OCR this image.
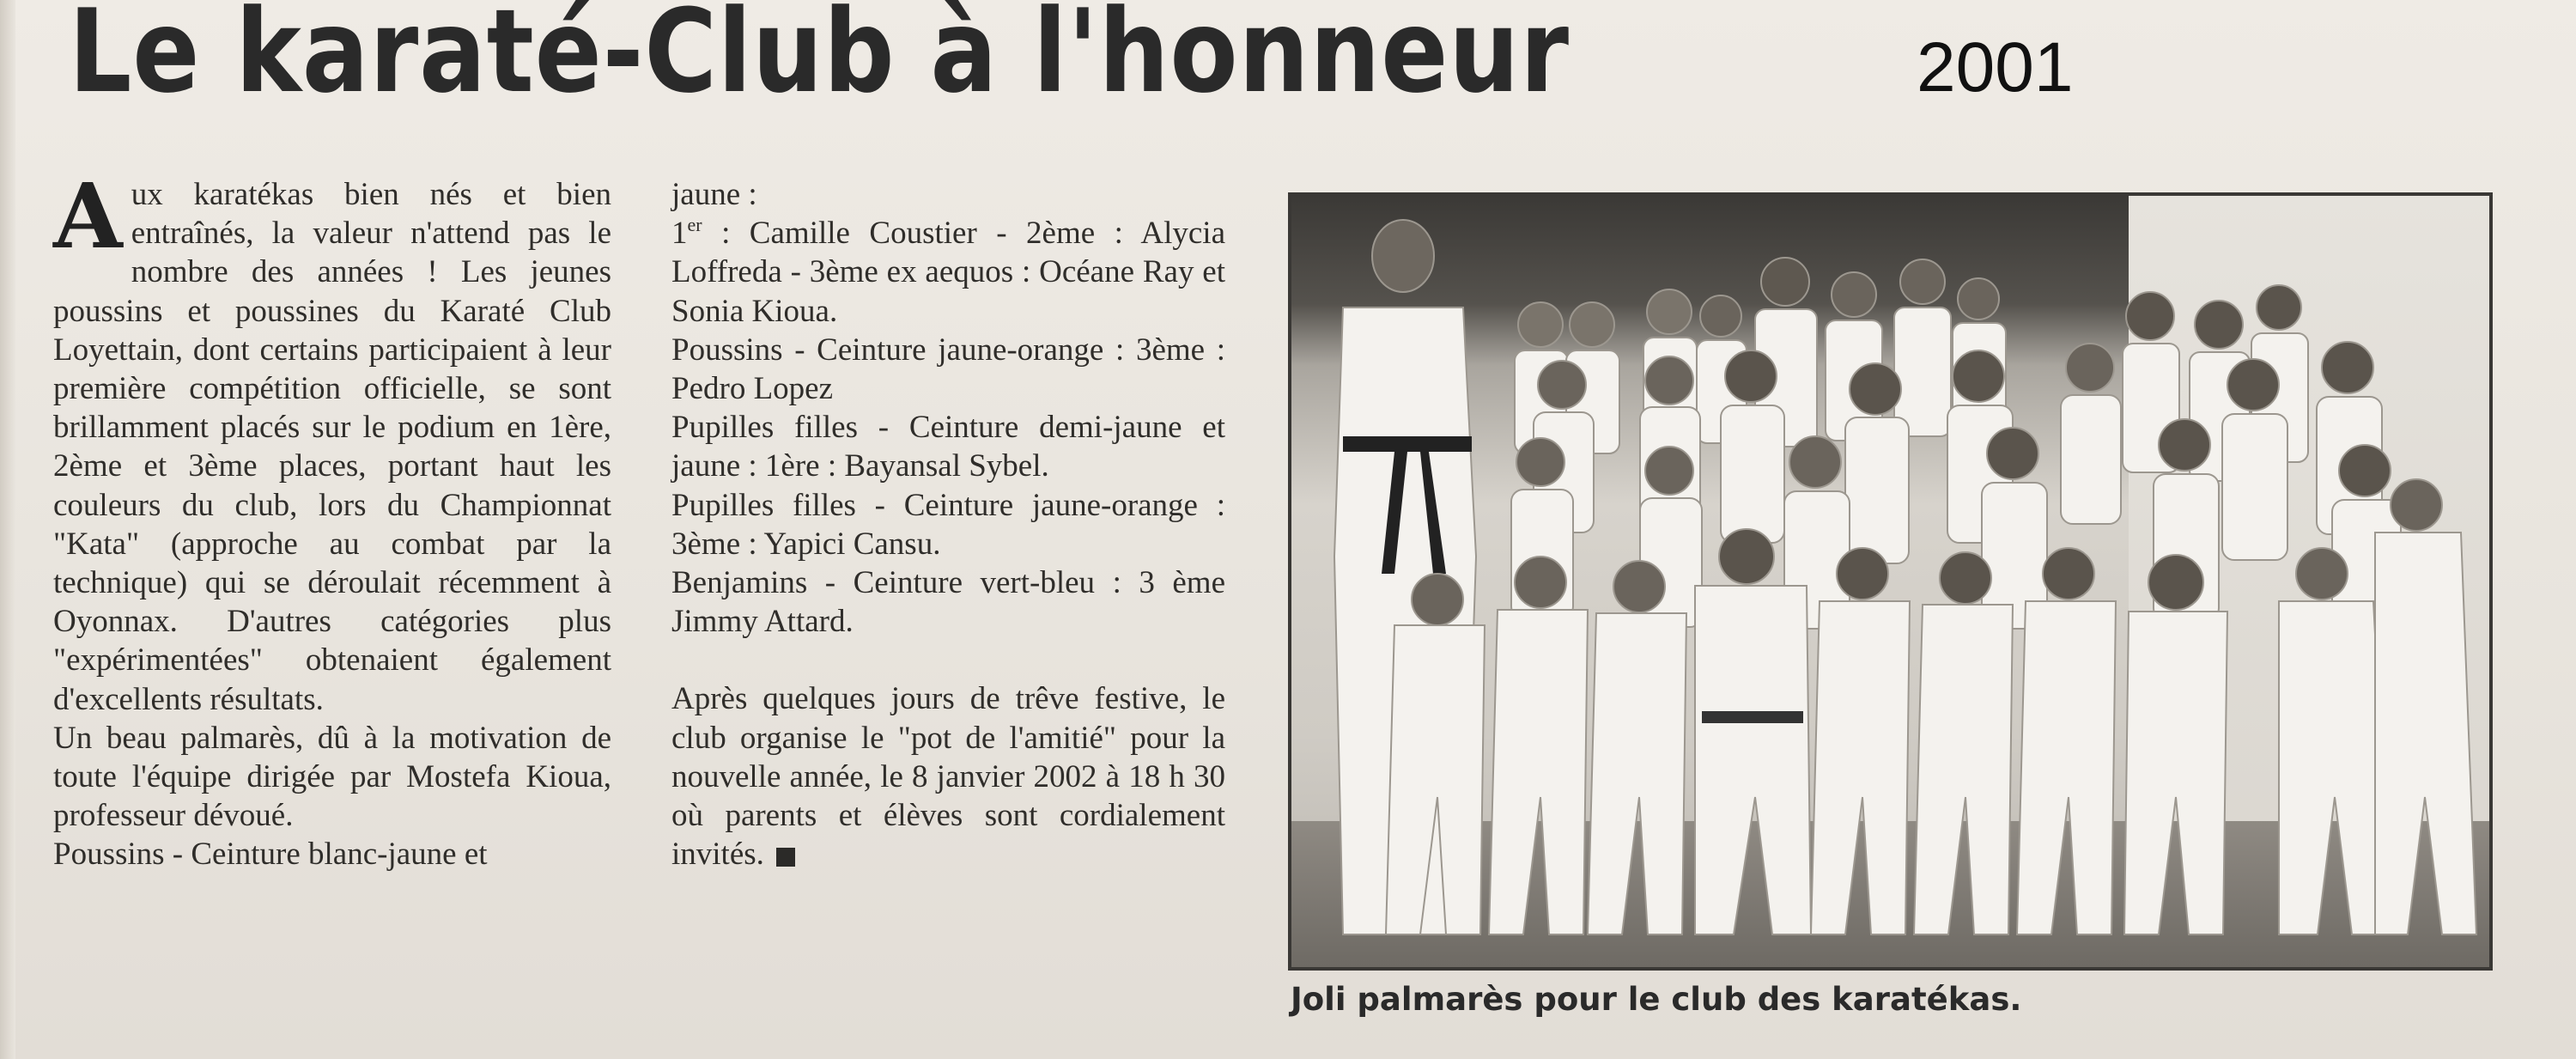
Le karaté-Club à l'honneur	2001

Aux karatékas bien nés et bien entraînés, la valeur n'attend pas le nombre des années ! Les jeunes poussins et poussines du Karaté Club Loyettain, dont certains participaient à leur première compétition officielle, se sont brillamment placés sur le podium en 1ère, 2ème et 3ème places, portant haut les couleurs du club, lors du Championnat "Kata" (approche au combat par la technique) qui se déroulait récemment à Oyonnax. D'autres catégories plus "expérimentées" obtenaient également d'excellents résultats.

Un beau palmarès, dû à la motivation de toute l'équipe dirigée par Mostefa Kioua, professeur dévoué.

Poussins - Ceinture blanc-jaune et

jaune :

1er : Camille Coustier - 2ème : Alycia Loffreda - 3ème ex aequos : Océane Ray et Sonia Kioua.

Poussins - Ceinture jaune-orange : 3ème : Pedro Lopez

Pupilles filles - Ceinture demi-jaune et jaune : 1ère : Bayansal Sybel.

Pupilles filles - Ceinture jaune-orange : 3ème : Yapici Cansu.

Benjamins - Ceinture vert-bleu : 3 ème Jimmy Attard.

Après quelques jours de trêve festive, le club organise le "pot de l'amitié" pour la nouvelle année, le 8 janvier 2002 à 18 h 30 où parents et élèves sont cordialement invités.

Joli palmarès pour le club des karatékas.
